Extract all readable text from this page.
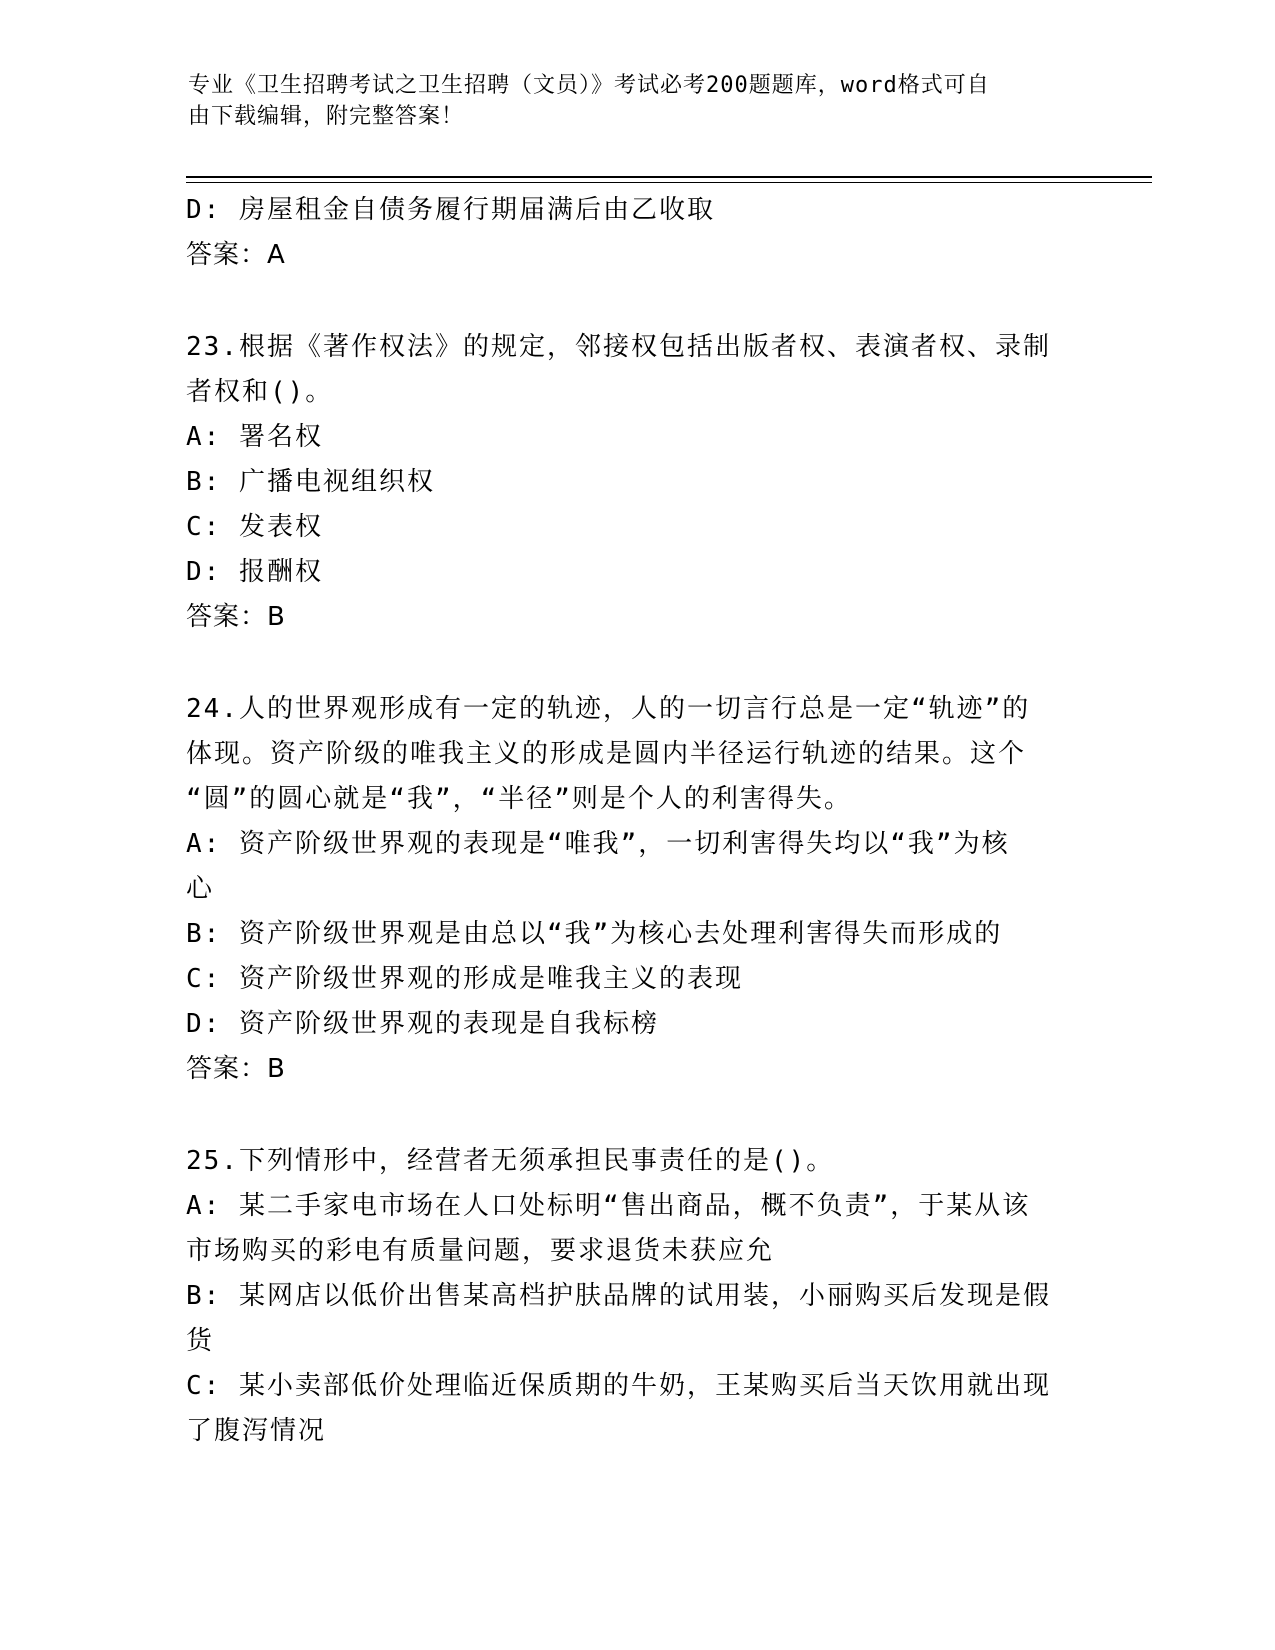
专业《卫生招聘考试之卫生招聘（文员）》考试必考200题题库，word格式可自
由下载编辑，附完整答案！
D: 房屋租金自债务履行期届满后由乙收取
答案：A
23.根据《著作权法》的规定，邻接权包括出版者权、表演者权、录制
者权和()。
A: 署名权
B: 广播电视组织权
C: 发表权
D: 报酬权
答案：B
24.人的世界观形成有一定的轨迹，人的一切言行总是一定“轨迹”的
体现。资产阶级的唯我主义的形成是圆内半径运行轨迹的结果。这个
“圆”的圆心就是“我”，“半径”则是个人的利害得失。
A: 资产阶级世界观的表现是“唯我”，一切利害得失均以“我”为核
心
B: 资产阶级世界观是由总以“我”为核心去处理利害得失而形成的
C: 资产阶级世界观的形成是唯我主义的表现
D: 资产阶级世界观的表现是自我标榜
答案：B
25.下列情形中，经营者无须承担民事责任的是()。
A: 某二手家电市场在人口处标明“售出商品，概不负责”，于某从该
市场购买的彩电有质量问题，要求退货未获应允
B: 某网店以低价出售某高档护肤品牌的试用装，小丽购买后发现是假
货
C: 某小卖部低价处理临近保质期的牛奶，王某购买后当天饮用就出现
了腹泻情况
